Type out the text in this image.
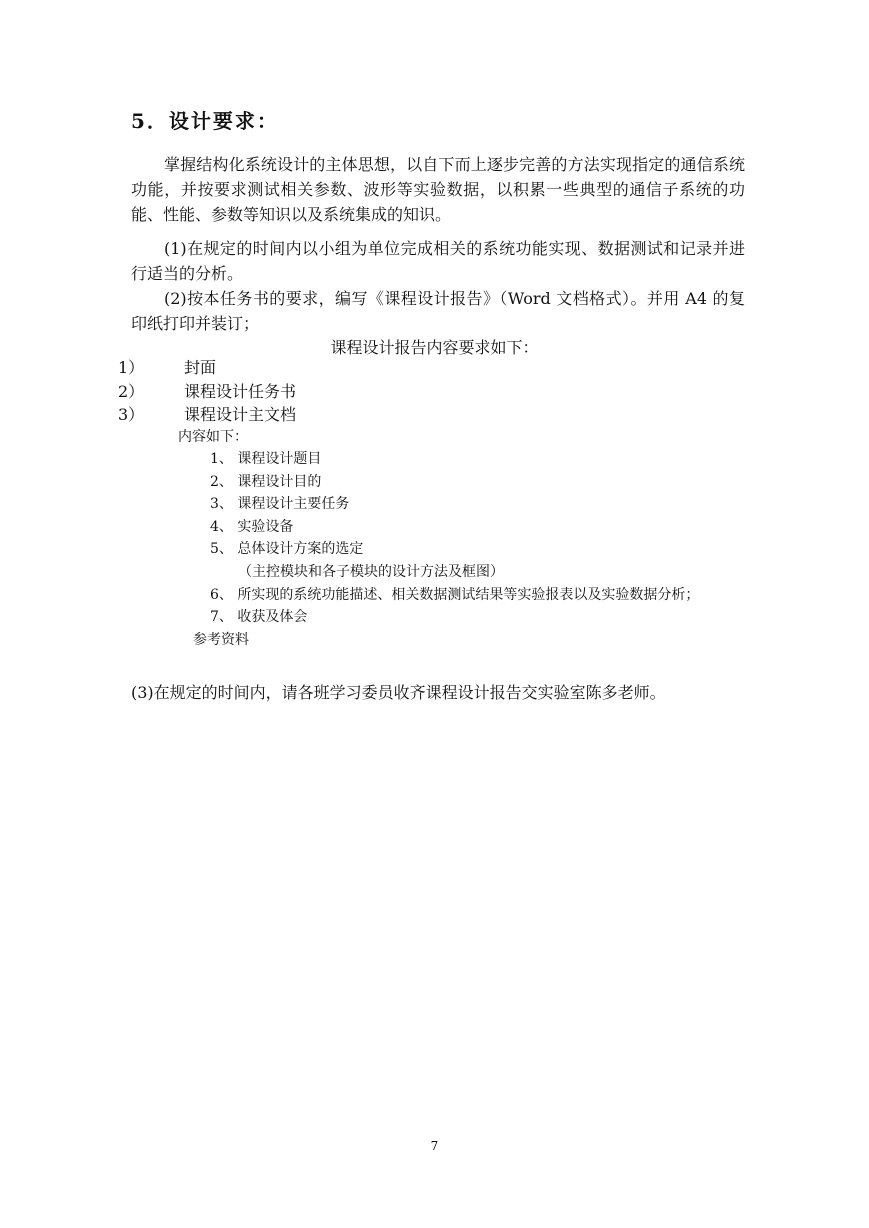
5．设计要求：
掌握结构化系统设计的主体思想，以自下而上逐步完善的方法实现指定的通信系统功能，并按要求测试相关参数、波形等实验数据，以积累一些典型的通信子系统的功能、性能、参数等知识以及系统集成的知识。
(1)在规定的时间内以小组为单位完成相关的系统功能实现、数据测试和记录并进行适当的分析。
(2)按本任务书的要求，编写《课程设计报告》（Word 文档格式）。并用 A4 的复印纸打印并装订；
课程设计报告内容要求如下：
1） 封面
2） 课程设计任务书
3） 课程设计主文档
内容如下：
1、 课程设计题目
2、 课程设计目的
3、 课程设计主要任务
4、 实验设备
5、 总体设计方案的选定
（主控模块和各子模块的设计方法及框图）
6、 所实现的系统功能描述、相关数据测试结果等实验报表以及实验数据分析；
7、 收获及体会
参考资料
(3)在规定的时间内，请各班学习委员收齐课程设计报告交实验室陈多老师。
7
